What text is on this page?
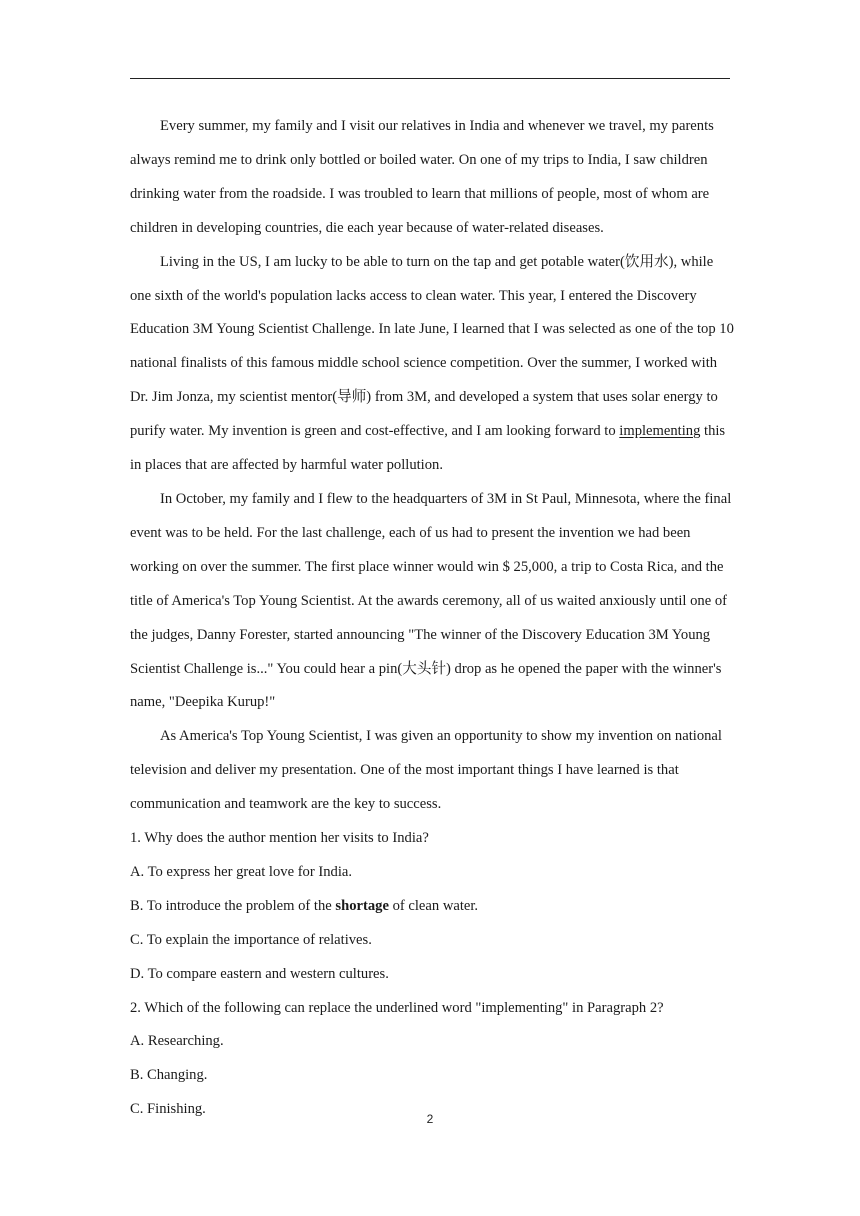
Every summer, my family and I visit our relatives in India and whenever we travel, my parents always remind me to drink only bottled or boiled water. On one of my trips to India, I saw children drinking water from the roadside. I was troubled to learn that millions of people, most of whom are children in developing countries, die each year because of water-related diseases.

Living in the US, I am lucky to be able to turn on the tap and get potable water(饮用水), while one sixth of the world's population lacks access to clean water. This year, I entered the Discovery Education 3M Young Scientist Challenge. In late June, I learned that I was selected as one of the top 10 national finalists of this famous middle school science competition. Over the summer, I worked with Dr. Jim Jonza, my scientist mentor(导师) from 3M, and developed a system that uses solar energy to purify water. My invention is green and cost-effective, and I am looking forward to implementing this in places that are affected by harmful water pollution.

In October, my family and I flew to the headquarters of 3M in St Paul, Minnesota, where the final event was to be held. For the last challenge, each of us had to present the invention we had been working on over the summer. The first place winner would win $ 25,000, a trip to Costa Rica, and the title of America's Top Young Scientist. At the awards ceremony, all of us waited anxiously until one of the judges, Danny Forester, started announcing "The winner of the Discovery Education 3M Young Scientist Challenge is..." You could hear a pin(大头针) drop as he opened the paper with the winner's name, "Deepika Kurup!"

As America's Top Young Scientist, I was given an opportunity to show my invention on national television and deliver my presentation. One of the most important things I have learned is that communication and teamwork are the key to success.

1. Why does the author mention her visits to India?

A. To express her great love for India.

B. To introduce the problem of the shortage of clean water.

C. To explain the importance of relatives.

D. To compare eastern and western cultures.

2. Which of the following can replace the underlined word "implementing" in Paragraph 2?

A. Researching.

B. Changing.

C. Finishing.

2
